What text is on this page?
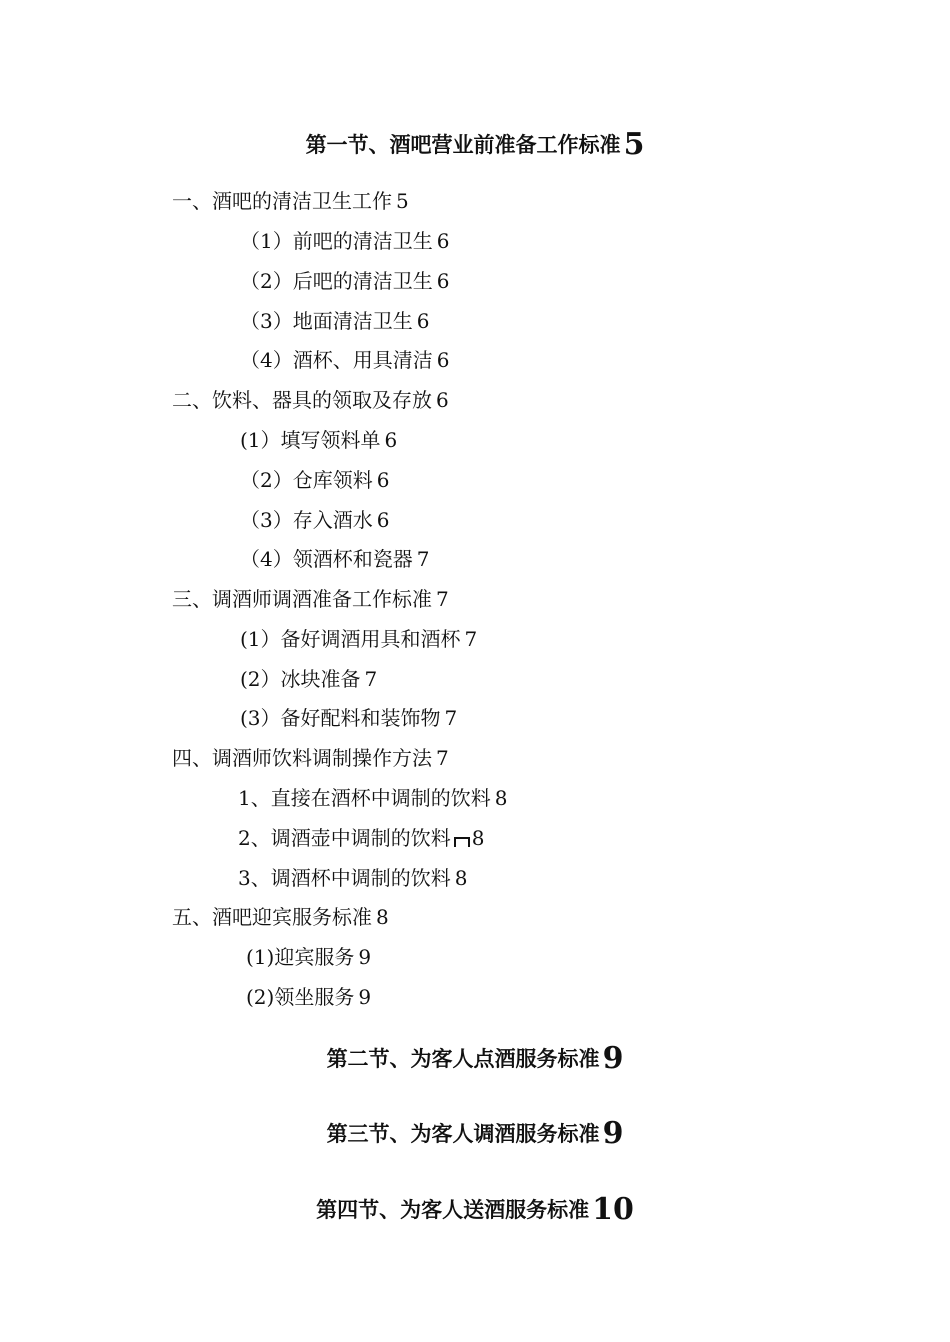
第一节、酒吧营业前准备工作标准 5
一、酒吧的清洁卫生工作 5
（1）前吧的清洁卫生 6
（2）后吧的清洁卫生 6
（3）地面清洁卫生 6
（4）酒杯、用具清洁 6
二、饮料、器具的领取及存放 6
(1）填写领料单 6
（2）仓库领料 6
（3）存入酒水 6
（4）领酒杯和瓷器 7
三、调酒师调酒准备工作标准 7
(1）备好调酒用具和酒杯 7
(2）冰块准备 7
(3）备好配料和装饰物 7
四、调酒师饮料调制操作方法 7
1、直接在酒杯中调制的饮料 8
2、调酒壶中调制的饮料 8
3、调酒杯中调制的饮料 8
五、酒吧迎宾服务标准 8
(1)迎宾服务 9
(2)领坐服务 9
第二节、为客人点酒服务标准 9
第三节、为客人调酒服务标准 9
第四节、为客人送酒服务标准 10
